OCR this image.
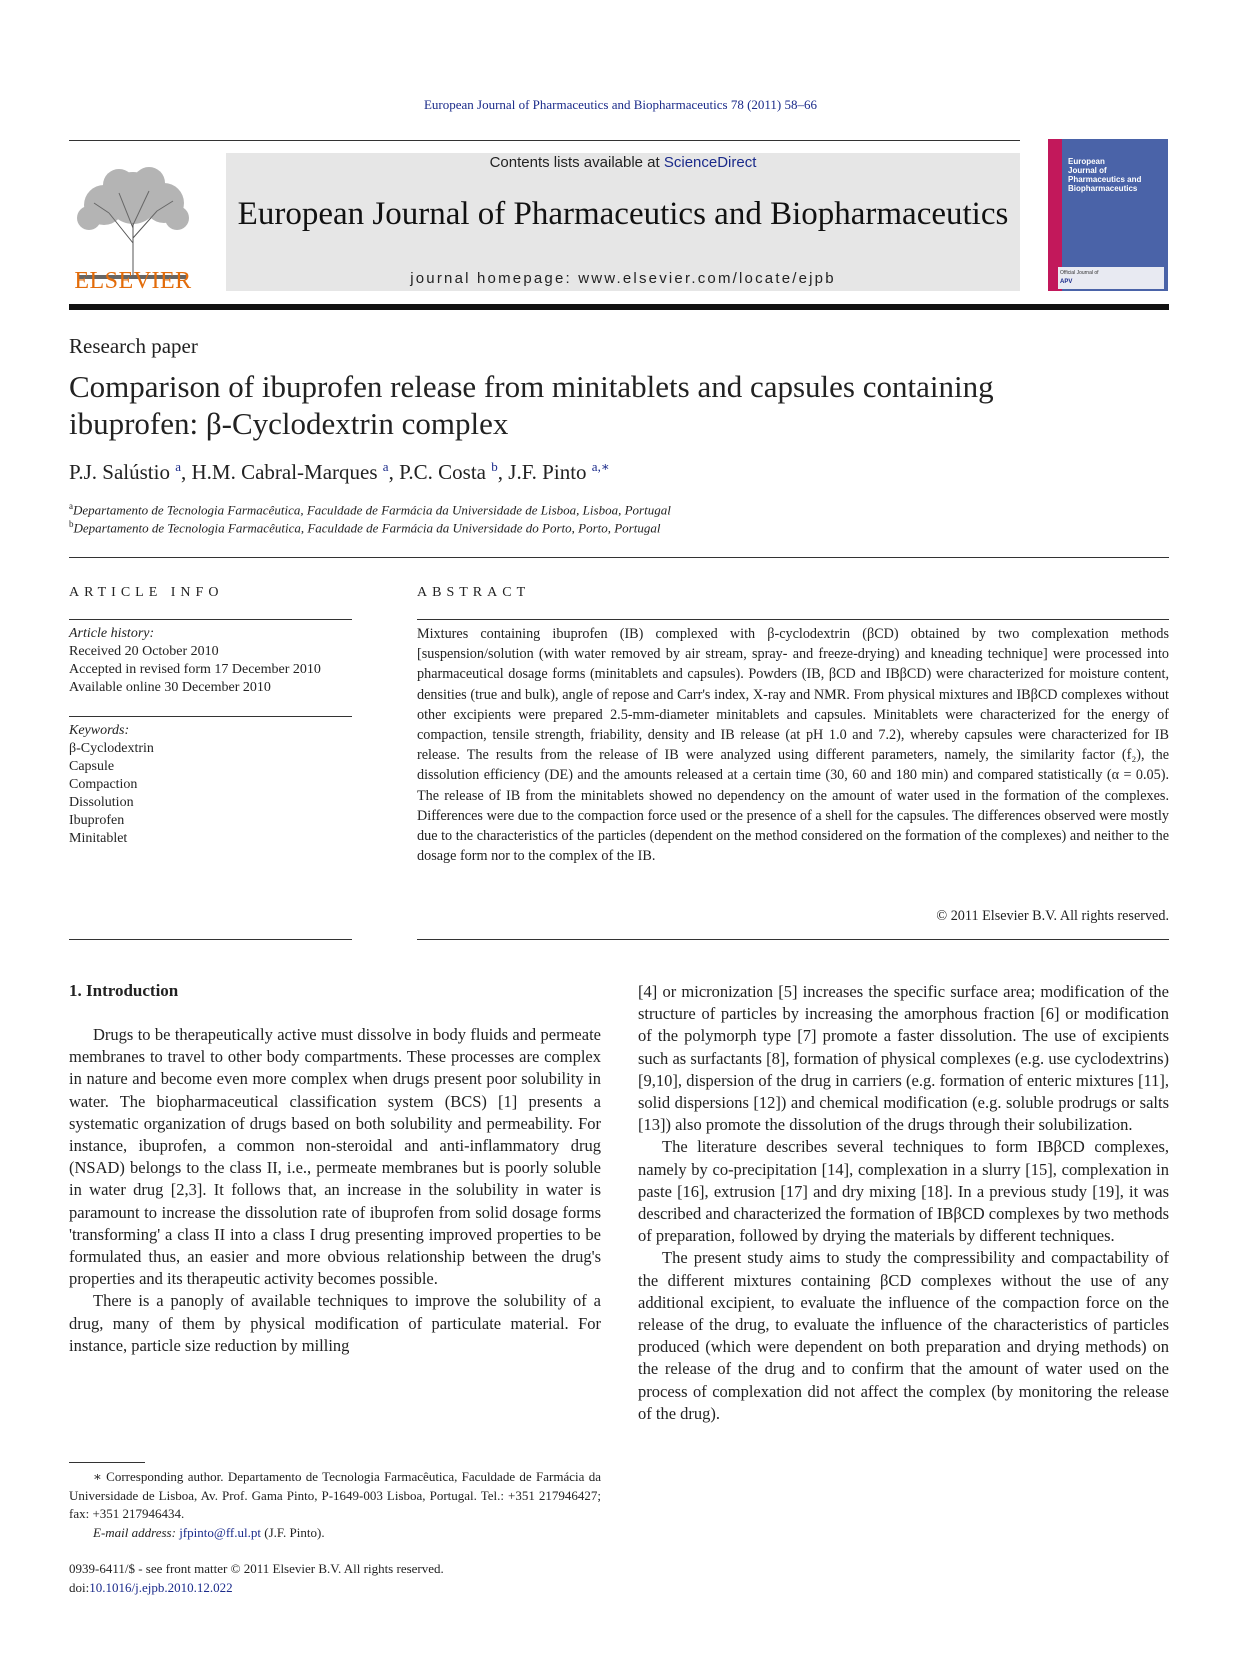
European Journal of Pharmaceutics and Biopharmaceutics 78 (2011) 58–66
ELSEVIER
Contents lists available at ScienceDirect
European Journal of Pharmaceutics and Biopharmaceutics
journal homepage: www.elsevier.com/locate/ejpb
European
Journal of
Pharmaceutics and
Biopharmaceutics
Official Journal of
APV
Research paper
Comparison of ibuprofen release from minitablets and capsules containing
ibuprofen: β-Cyclodextrin complex
P.J. Salústio $^a$, H.M. Cabral-Marques $^a$, P.C. Costa $^b$, J.F. Pinto $^{a,∗}$
$^a$Departamento de Tecnologia Farmacêutica, Faculdade de Farmácia da Universidade de Lisboa, Lisboa, Portugal
$^b$Departamento de Tecnologia Farmacêutica, Faculdade de Farmácia da Universidade do Porto, Porto, Portugal
ARTICLE INFO
Article history:
Received 20 October 2010
Accepted in revised form 17 December 2010
Available online 30 December 2010
Keywords:
β-Cyclodextrin
Capsule
Compaction
Dissolution
Ibuprofen
Minitablet
ABSTRACT
Mixtures containing ibuprofen (IB) complexed with β-cyclodextrin (βCD) obtained by two complexation methods [suspension/solution (with water removed by air stream, spray- and freeze-drying) and kneading technique] were processed into pharmaceutical dosage forms (minitablets and capsules). Powders (IB, βCD and IBβCD) were characterized for moisture content, densities (true and bulk), angle of repose and Carr's index, X-ray and NMR. From physical mixtures and IBβCD complexes without other excipients were prepared 2.5-mm-diameter minitablets and capsules. Minitablets were characterized for the energy of compaction, tensile strength, friability, density and IB release (at pH 1.0 and 7.2), whereby capsules were characterized for IB release. The results from the release of IB were analyzed using different parameters, namely, the similarity factor (f₂), the dissolution efficiency (DE) and the amounts released at a certain time (30, 60 and 180 min) and compared statistically (α = 0.05). The release of IB from the minitablets showed no dependency on the amount of water used in the formation of the complexes. Differences were due to the compaction force used or the presence of a shell for the capsules. The differences observed were mostly due to the characteristics of the particles (dependent on the method considered on the formation of the complexes) and neither to the dosage form nor to the complex of the IB.
© 2011 Elsevier B.V. All rights reserved.
1. Introduction

Drugs to be therapeutically active must dissolve in body fluids and permeate membranes to travel to other body compartments. These processes are complex in nature and become even more complex when drugs present poor solubility in water. The biopharmaceutical classification system (BCS) [1] presents a systematic organization of drugs based on both solubility and permeability. For instance, ibuprofen, a common non-steroidal and anti-inflammatory drug (NSAD) belongs to the class II, i.e., permeate membranes but is poorly soluble in water drug [2,3]. It follows that, an increase in the solubility in water is paramount to increase the dissolution rate of ibuprofen from solid dosage forms 'transforming' a class II into a class I drug presenting improved properties to be formulated thus, an easier and more obvious relationship between the drug's properties and its therapeutic activity becomes possible.

There is a panoply of available techniques to improve the solubility of a drug, many of them by physical modification of particulate material. For instance, particle size reduction by milling

[4] or micronization [5] increases the specific surface area; modification of the structure of particles by increasing the amorphous fraction [6] or modification of the polymorph type [7] promote a faster dissolution. The use of excipients such as surfactants [8], formation of physical complexes (e.g. use cyclodextrins) [9,10], dispersion of the drug in carriers (e.g. formation of enteric mixtures [11], solid dispersions [12]) and chemical modification (e.g. soluble prodrugs or salts [13]) also promote the dissolution of the drugs through their solubilization.

The literature describes several techniques to form IBβCD complexes, namely by co-precipitation [14], complexation in a slurry [15], complexation in paste [16], extrusion [17] and dry mixing [18]. In a previous study [19], it was described and characterized the formation of IBβCD complexes by two methods of preparation, followed by drying the materials by different techniques.

The present study aims to study the compressibility and compactability of the different mixtures containing βCD complexes without the use of any additional excipient, to evaluate the influence of the compaction force on the release of the drug, to evaluate the influence of the characteristics of particles produced (which were dependent on both preparation and drying methods) on the release of the drug and to confirm that the amount of water used on the process of complexation did not affect the complex (by monitoring the release of the drug).

∗ Corresponding author. Departamento de Tecnologia Farmacêutica, Faculdade de Farmácia da Universidade de Lisboa, Av. Prof. Gama Pinto, P-1649-003 Lisboa, Portugal. Tel.: +351 217946427; fax: +351 217946434.
E-mail address: jfpinto@ff.ul.pt (J.F. Pinto).
0939-6411/$ - see front matter © 2011 Elsevier B.V. All rights reserved.
doi:10.1016/j.ejpb.2010.12.022
